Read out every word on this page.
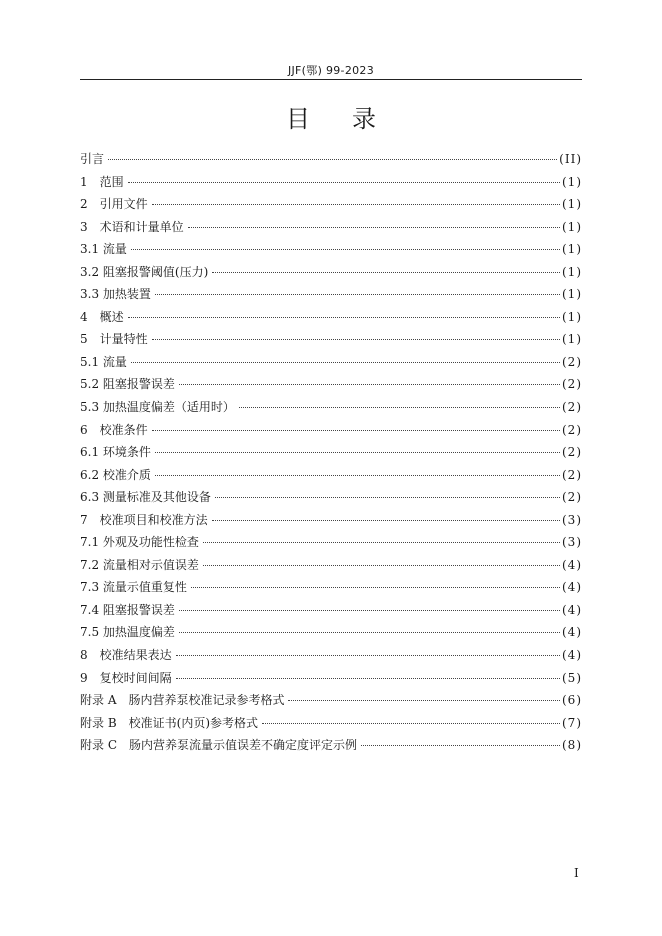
JJF(鄂) 99-2023
目录
引言	(II)
1　范围	(1)
2　引用文件	(1)
3　术语和计量单位	(1)
3.1 流量	(1)
3.2 阻塞报警阈值(压力)	(1)
3.3 加热装置	(1)
4　概述	(1)
5　计量特性	(1)
5.1 流量	(2)
5.2 阻塞报警误差	(2)
5.3 加热温度偏差（适用时）	(2)
6　校准条件	(2)
6.1 环境条件	(2)
6.2 校准介质	(2)
6.3 测量标准及其他设备	(2)
7　校准项目和校准方法	(3)
7.1 外观及功能性检查	(3)
7.2 流量相对示值误差	(4)
7.3 流量示值重复性	(4)
7.4 阻塞报警误差	(4)
7.5 加热温度偏差	(4)
8　校准结果表达	(4)
9　复校时间间隔	(5)
附录 A　肠内营养泵校准记录参考格式	(6)
附录 B　校准证书(内页)参考格式	(7)
附录 C　肠内营养泵流量示值误差不确定度评定示例	(8)
I
